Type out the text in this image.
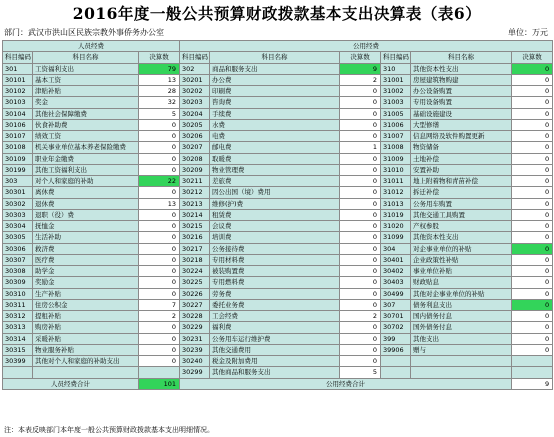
2016年度一般公共预算财政拨款基本支出决算表（表6）
部门：武汉市洪山区民族宗教外事侨务办公室	单位：万元
人员经费			公用经费					
科目编码	科目名称	决算数	科目编码	科目名称	决算数	科目编码	科目名称	决算数
301	工资福利支出	79	302	商品和服务支出	9	310	其他资本性支出	0
30101	基本工资	13	30201	办公费	2	31001	房屋建筑物购建	0
30102	津贴补贴	28	30202	印刷费	0	31002	办公设备购置	0
30103	奖金	32	30203	咨询费	0	31003	专用设备购置	0
30104	其他社会保障缴费	5	30204	手续费	0	31005	基础设施建设	0
30106	伙食补助费	0	30205	水费	0	31006	大型修缮	0
30107	绩效工资	0	30206	电费	0	31007	信息网络及软件购置更新	0
30108	机关事业单位基本养老保险缴费	0	30207	邮电费	1	31008	物资储备	0
30109	职业年金缴费	0	30208	取暖费	0	31009	土地补偿	0
30199	其他工资福利支出	0	30209	物业管理费	0	31010	安置补助	0
303	对个人和家庭的补助	22	30211	差旅费	0	31011	地上附着物和青苗补偿	0
30301	离休费	0	30212	因公出国（境）费用	0	31012	拆迁补偿	0
30302	退休费	13	30213	维修(护)费	0	31013	公务用车购置	0
30303	退职（役）费	0	30214	租赁费	0	31019	其他交通工具购置	0
30304	抚恤金	0	30215	会议费	0	31020	产权参股	0
30305	生活补助	0	30216	培训费	0	31099	其他资本性支出	0
30306	救济费	0	30217	公务接待费	0	304	对企事业单位的补贴	0
30307	医疗费	0	30218	专用材料费	0	30401	企业政策性补贴	0
30308	助学金	0	30224	被装购置费	0	30402	事业单位补贴	0
30309	奖励金	0	30225	专用燃料费	0	30403	财政贴息	0
30310	生产补贴	0	30226	劳务费	0	30499	其他对企事业单位的补贴	0
30311	住房公积金	7	30227	委托业务费	0	307	债务利息支出	0
30312	提租补贴	2	30228	工会经费	2	30701	国内债务付息	0
30313	购房补贴	0	30229	福利费	0	30702	国外债务付息	0
30314	采暖补贴	0	30231	公务用车运行维护费	0	399	其他支出	0
30315	物业服务补贴	0	30239	其他交通费用	0	39906	赠与	0
30399	其他对个人和家庭的补助支出	0	30240	税金及附加费用	0			
			30299	其他商品和服务支出	5			
人员经费合计		101	公用经费合计					9
注：本表反映部门本年度一般公共预算财政拨款基本支出明细情况。
